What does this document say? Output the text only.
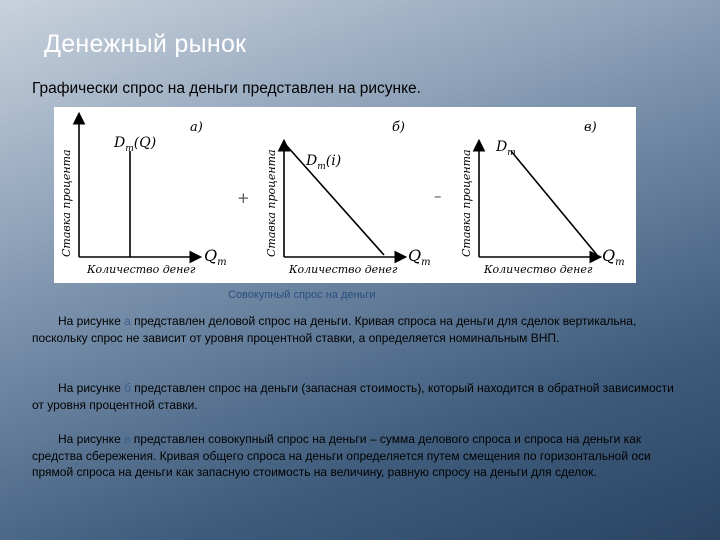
Денежный рынок
Графически спрос на деньги представлен на рисунке.
а)
$D_m(Q)$
Ставка процента	$Q_m$
Количество денег
+
б)
$D_m(i)$
Ставка процента	$Q_m$
Количество денег
–
в)
$D_m$
Ставка процента	$Q_m$
Количество денег
Совокупный спрос на деньги
На рисунке а представлен деловой спрос на деньги. Кривая спроса на деньги для сделок вертикальна, поскольку спрос не зависит от уровня процентной ставки, а определяется номинальным ВНП.
На рисунке б представлен спрос на деньги (запасная стоимость), который находится в обратной зависимости от уровня процентной ставки.
На рисунке в представлен совокупный спрос на деньги – сумма делового спроса и спроса на деньги как средства сбережения. Кривая общего спроса на деньги определяется путем смещения по горизонтальной оси прямой спроса на деньги как запасную стоимость на величину, равную спросу на деньги для сделок.
